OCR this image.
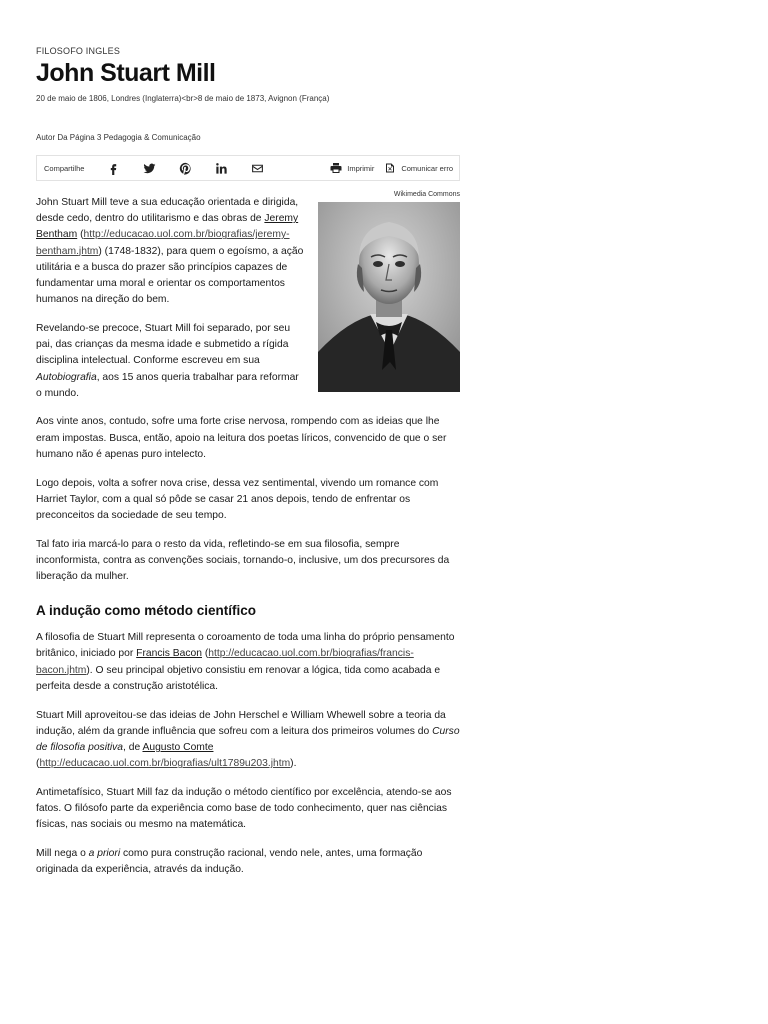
FILOSOFO INGLES

John Stuart Mill

20 de maio de 1806, Londres (Inglaterra)<br>8 de maio de 1873, Avignon (França)

Autor Da Página 3 Pedagogia & Comunicação

Compartilhe	Imprimir	Comunicar erro
Wikimedia Commons

John Stuart Mill teve a sua educação orientada e dirigida, desde cedo, dentro do utilitarismo e das obras de Jeremy Bentham (http://educacao.uol.com.br/biografias/jeremy-bentham.jhtm) (1748-1832), para quem o egoísmo, a ação utilitária e a busca do prazer são princípios capazes de fundamentar uma moral e orientar os comportamentos humanos na direção do bem.

Revelando-se precoce, Stuart Mill foi separado, por seu pai, das crianças da mesma idade e submetido a rígida disciplina intelectual. Conforme escreveu em sua Autobiografia, aos 15 anos queria trabalhar para reformar o mundo.

Aos vinte anos, contudo, sofre uma forte crise nervosa, rompendo com as ideias que lhe eram impostas. Busca, então, apoio na leitura dos poetas líricos, convencido de que o ser humano não é apenas puro intelecto.

Logo depois, volta a sofrer nova crise, dessa vez sentimental, vivendo um romance com Harriet Taylor, com a qual só pôde se casar 21 anos depois, tendo de enfrentar os preconceitos da sociedade de seu tempo.

Tal fato iria marcá-lo para o resto da vida, refletindo-se em sua filosofia, sempre inconformista, contra as convenções sociais, tornando-o, inclusive, um dos precursores da liberação da mulher.

A indução como método científico

A filosofia de Stuart Mill representa o coroamento de toda uma linha do próprio pensamento britânico, iniciado por Francis Bacon (http://educacao.uol.com.br/biografias/francis-bacon.jhtm). O seu principal objetivo consistiu em renovar a lógica, tida como acabada e perfeita desde a construção aristotélica.

Stuart Mill aproveitou-se das ideias de John Herschel e William Whewell sobre a teoria da indução, além da grande influência que sofreu com a leitura dos primeiros volumes do Curso de filosofia positiva, de Augusto Comte (http://educacao.uol.com.br/biografias/ult1789u203.jhtm).

Antimetafísico, Stuart Mill faz da indução o método científico por excelência, atendo-se aos fatos. O filósofo parte da experiência como base de todo conhecimento, quer nas ciências físicas, nas sociais ou mesmo na matemática.

Mill nega o a priori como pura construção racional, vendo nele, antes, uma formação originada da experiência, através da indução.
